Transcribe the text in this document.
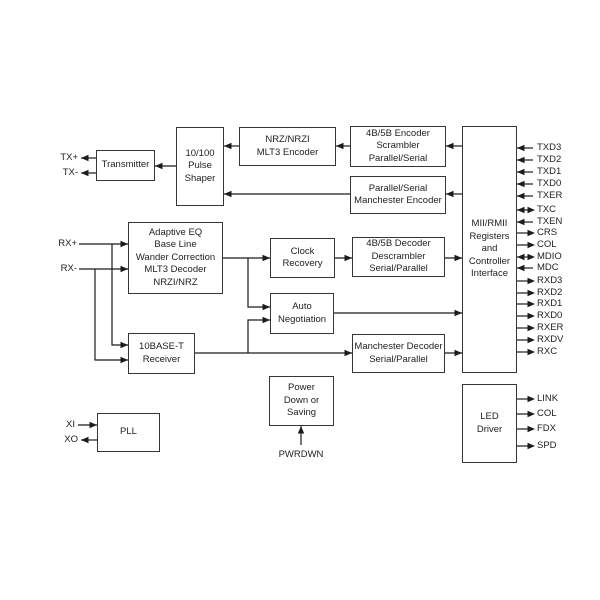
TXD3
TXD2
TXD1
TXD0
TXER
TXC
TXEN
CRS
COL
MDIO
MDC
RXD3
RXD2
RXD1
RXD0
RXER
RXDV
RXC
LINK
COL
FDX
SPD
Transmitter
10/100
Pulse
Shaper
NRZ/NRZI
MLT3 Encoder
4B/5B Encoder
Scrambler
Parallel/Serial
Parallel/Serial
Manchester Encoder
MII/RMII
Registers
and
Controller
Interface
Adaptive EQ
Base Line
Wander Correction
MLT3 Decoder
NRZI/NRZ
Clock
Recovery
4B/5B Decoder
Descrambler
Serial/Parallel
Auto
Negotiation
10BASE-T
Receiver
Manchester Decoder
Serial/Parallel
Power
Down or
Saving	LED
Driver
PLL
TX+
TX-
RX+
RX-
XI
XO
PWRDWN
